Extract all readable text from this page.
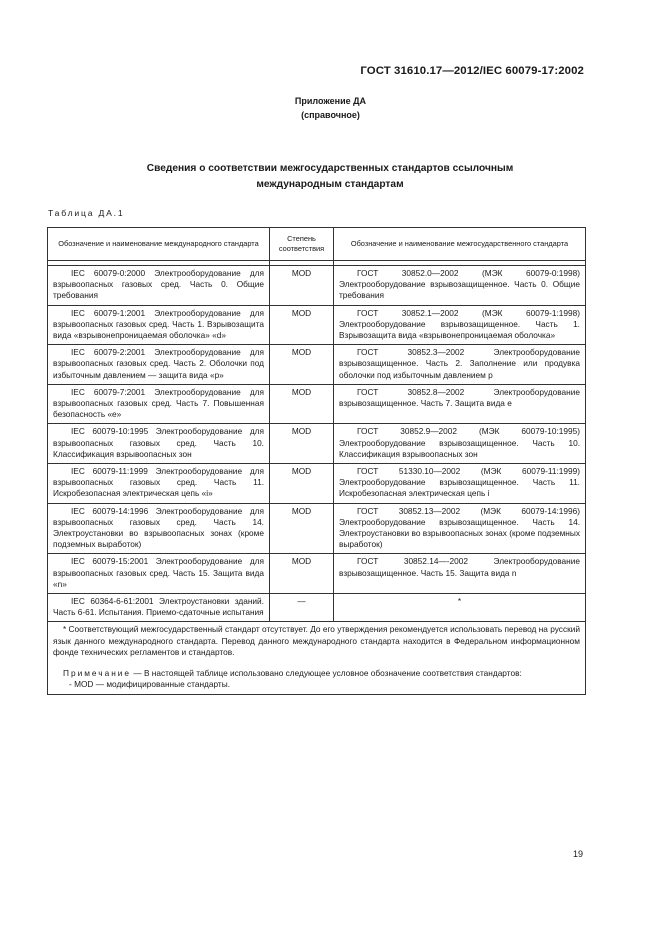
ГОСТ 31610.17—2012/IEC 60079-17:2002
Приложение ДА
(справочное)
Сведения о соответствии межгосударственных стандартов ссылочным
международным стандартам
Таблица ДА.1
Обозначение и наименование международного стандарта	Степень соответствия	Обозначение и наименование межгосударственного стандарта

IEC 60079-0:2000 Электрооборудование для взрывоопасных газовых сред. Часть 0. Общие требования	MOD	ГОСТ 30852.0—2002 (МЭК 60079-0:1998) Электрооборудование взрывозащищенное. Часть 0. Общие требования
IEC 60079-1:2001 Электрооборудование для взрывоопасных газовых сред. Часть 1. Взрывозащита вида «взрывонепроницаемая оболочка» «d»	MOD	ГОСТ 30852.1—2002 (МЭК 60079-1:1998) Электрооборудование взрывозащищенное. Часть 1. Взрывозащита вида «взрывонепроницаемая оболочка»
IEC 60079-2:2001 Электрооборудование для взрывоопасных газовых сред. Часть 2. Оболочки под избыточным давлением — защита вида «р»	MOD	ГОСТ 30852.3—2002 Электрооборудование взрывозащищенное. Часть 2. Заполнение или продувка оболочки под избыточным давлением р
IEC 60079-7:2001 Электрооборудование для взрывоопасных газовых сред. Часть 7. Повышенная безопасность «е»	MOD	ГОСТ 30852.8—2002 Электрооборудование взрывозащищенное. Часть 7. Защита вида е
IEC 60079-10:1995 Электрооборудование для взрывоопасных газовых сред. Часть 10. Классификация взрывоопасных зон	MOD	ГОСТ 30852.9—2002 (МЭК 60079-10:1995) Электрооборудование взрывозащищенное. Часть 10. Классификация взрывоопасных зон
IEC 60079-11:1999 Электрооборудование для взрывоопасных газовых сред. Часть 11. Искробезопасная электрическая цепь «i»	MOD	ГОСТ 51330.10—2002 (МЭК 60079-11:1999) Электрооборудование взрывозащищенное. Часть 11. Искробезопасная электрическая цепь i
IEC 60079-14:1996 Электрооборудование для взрывоопасных газовых сред. Часть 14. Электроустановки во взрывоопасных зонах (кроме подземных выработок)	MOD	ГОСТ 30852.13—2002 (МЭК 60079-14:1996) Электрооборудование взрывозащищенное. Часть 14. Электроустановки во взрывоопасных зонах (кроме подземных выработок)
IEC 60079-15:2001 Электрооборудование для взрывоопасных газовых сред. Часть 15. Защита вида «n»	MOD	ГОСТ 30852.14—-2002 Электрооборудование взрывозащищенное. Часть 15. Защита вида n
IEC 60364-6-61:2001 Электроустановки зданий. Часть 6-61. Испытания. Приемо-сдаточные испытания	—	*

* Соответствующий межгосударственный стандарт отсутствует. До его утверждения рекомендуется использовать перевод на русский язык данного международного стандарта. Перевод данного международного стандарта находится в Федеральном информационном фонде технических регламентов и стандартов.

Примечание — В настоящей таблице использовано следующее условное обозначение соответствия стандартов:

- MOD — модифицированные стандарты.		

19
